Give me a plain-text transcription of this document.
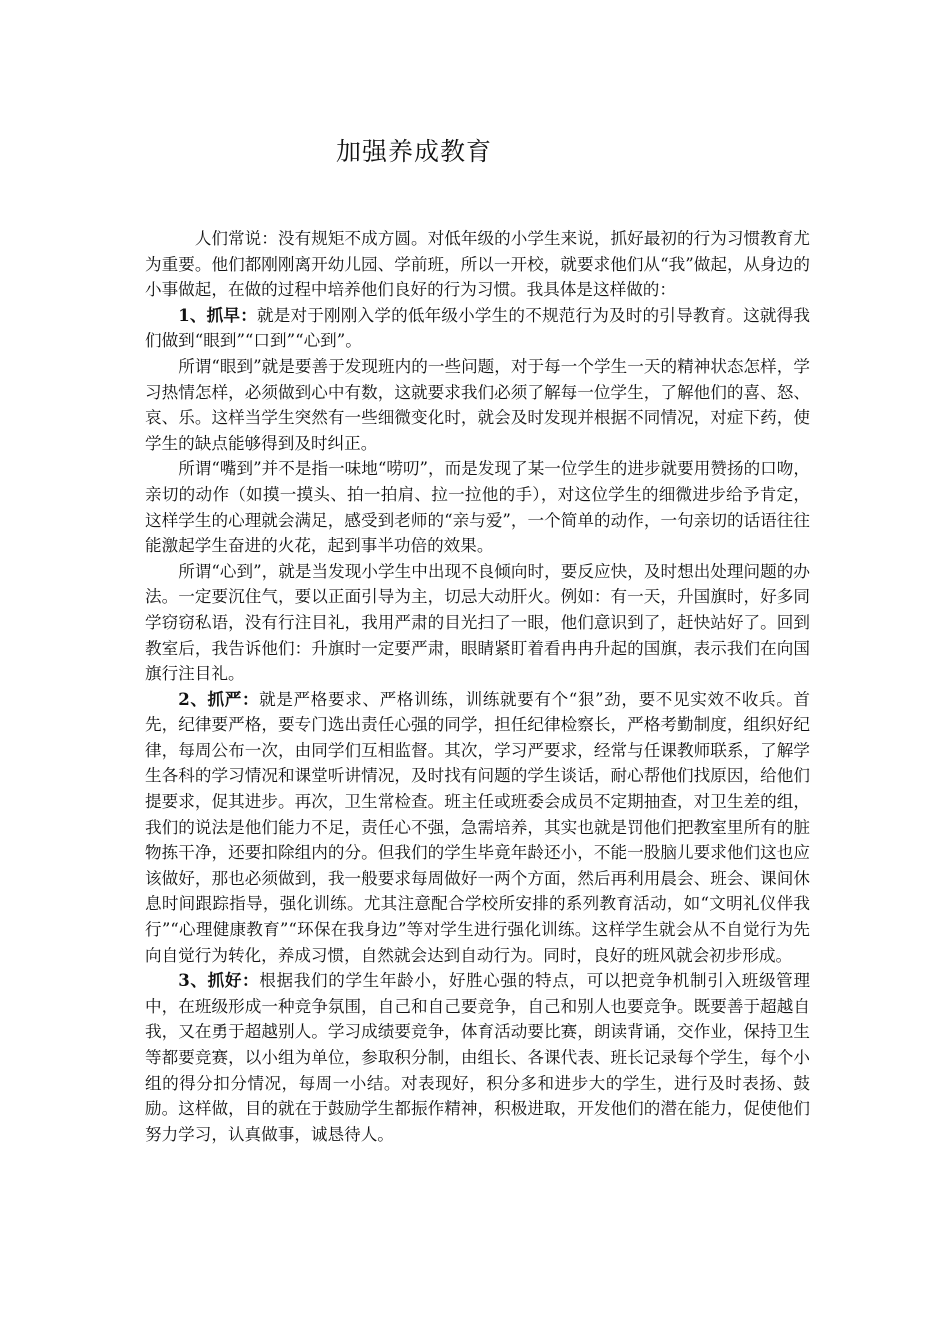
加强养成教育

人们常说：没有规矩不成方圆。对低年级的小学生来说，抓好最初的行为习惯教育尤为重要。他们都刚刚离开幼儿园、学前班，所以一开校，就要求他们从“我”做起，从身边的小事做起，在做的过程中培养他们良好的行为习惯。我具体是这样做的：

1、抓早：就是对于刚刚入学的低年级小学生的不规范行为及时的引导教育。这就得我们做到“眼到”“口到”“心到”。

所谓“眼到”就是要善于发现班内的一些问题，对于每一个学生一天的精神状态怎样，学习热情怎样，必须做到心中有数，这就要求我们必须了解每一位学生，了解他们的喜、怒、哀、乐。这样当学生突然有一些细微变化时，就会及时发现并根据不同情况，对症下药，使学生的缺点能够得到及时纠正。

所谓“嘴到”并不是指一味地“唠叨”，而是发现了某一位学生的进步就要用赞扬的口吻，亲切的动作（如摸一摸头、拍一拍肩、拉一拉他的手），对这位学生的细微进步给予肯定，这样学生的心理就会满足，感受到老师的“亲与爱”，一个简单的动作，一句亲切的话语往往能激起学生奋进的火花，起到事半功倍的效果。

所谓“心到”，就是当发现小学生中出现不良倾向时，要反应快，及时想出处理问题的办法。一定要沉住气，要以正面引导为主，切忌大动肝火。例如：有一天，升国旗时，好多同学窃窃私语，没有行注目礼，我用严肃的目光扫了一眼，他们意识到了，赶快站好了。回到教室后，我告诉他们：升旗时一定要严肃，眼睛紧盯着看冉冉升起的国旗，表示我们在向国旗行注目礼。

2、抓严：就是严格要求、严格训练，训练就要有个“狠”劲，要不见实效不收兵。首先，纪律要严格，要专门选出责任心强的同学，担任纪律检察长，严格考勤制度，组织好纪律，每周公布一次，由同学们互相监督。其次，学习严要求，经常与任课教师联系，了解学生各科的学习情况和课堂听讲情况，及时找有问题的学生谈话，耐心帮他们找原因，给他们提要求，促其进步。再次，卫生常检查。班主任或班委会成员不定期抽查，对卫生差的组，我们的说法是他们能力不足，责任心不强，急需培养，其实也就是罚他们把教室里所有的脏物拣干净，还要扣除组内的分。但我们的学生毕竟年龄还小，不能一股脑儿要求他们这也应该做好，那也必须做到，我一般要求每周做好一两个方面，然后再利用晨会、班会、课间休息时间跟踪指导，强化训练。尤其注意配合学校所安排的系列教育活动，如“文明礼仪伴我行”“心理健康教育”“环保在我身边”等对学生进行强化训练。这样学生就会从不自觉行为先向自觉行为转化，养成习惯，自然就会达到自动行为。同时，良好的班风就会初步形成。

3、抓好：根据我们的学生年龄小，好胜心强的特点，可以把竞争机制引入班级管理中，在班级形成一种竞争氛围，自己和自己要竞争，自己和别人也要竞争。既要善于超越自我，又在勇于超越别人。学习成绩要竞争，体育活动要比赛，朗读背诵，交作业，保持卫生等都要竞赛，以小组为单位，参取积分制，由组长、各课代表、班长记录每个学生，每个小组的得分扣分情况，每周一小结。对表现好，积分多和进步大的学生，进行及时表扬、鼓励。这样做，目的就在于鼓励学生都振作精神，积极进取，开发他们的潜在能力，促使他们努力学习，认真做事，诚恳待人。
